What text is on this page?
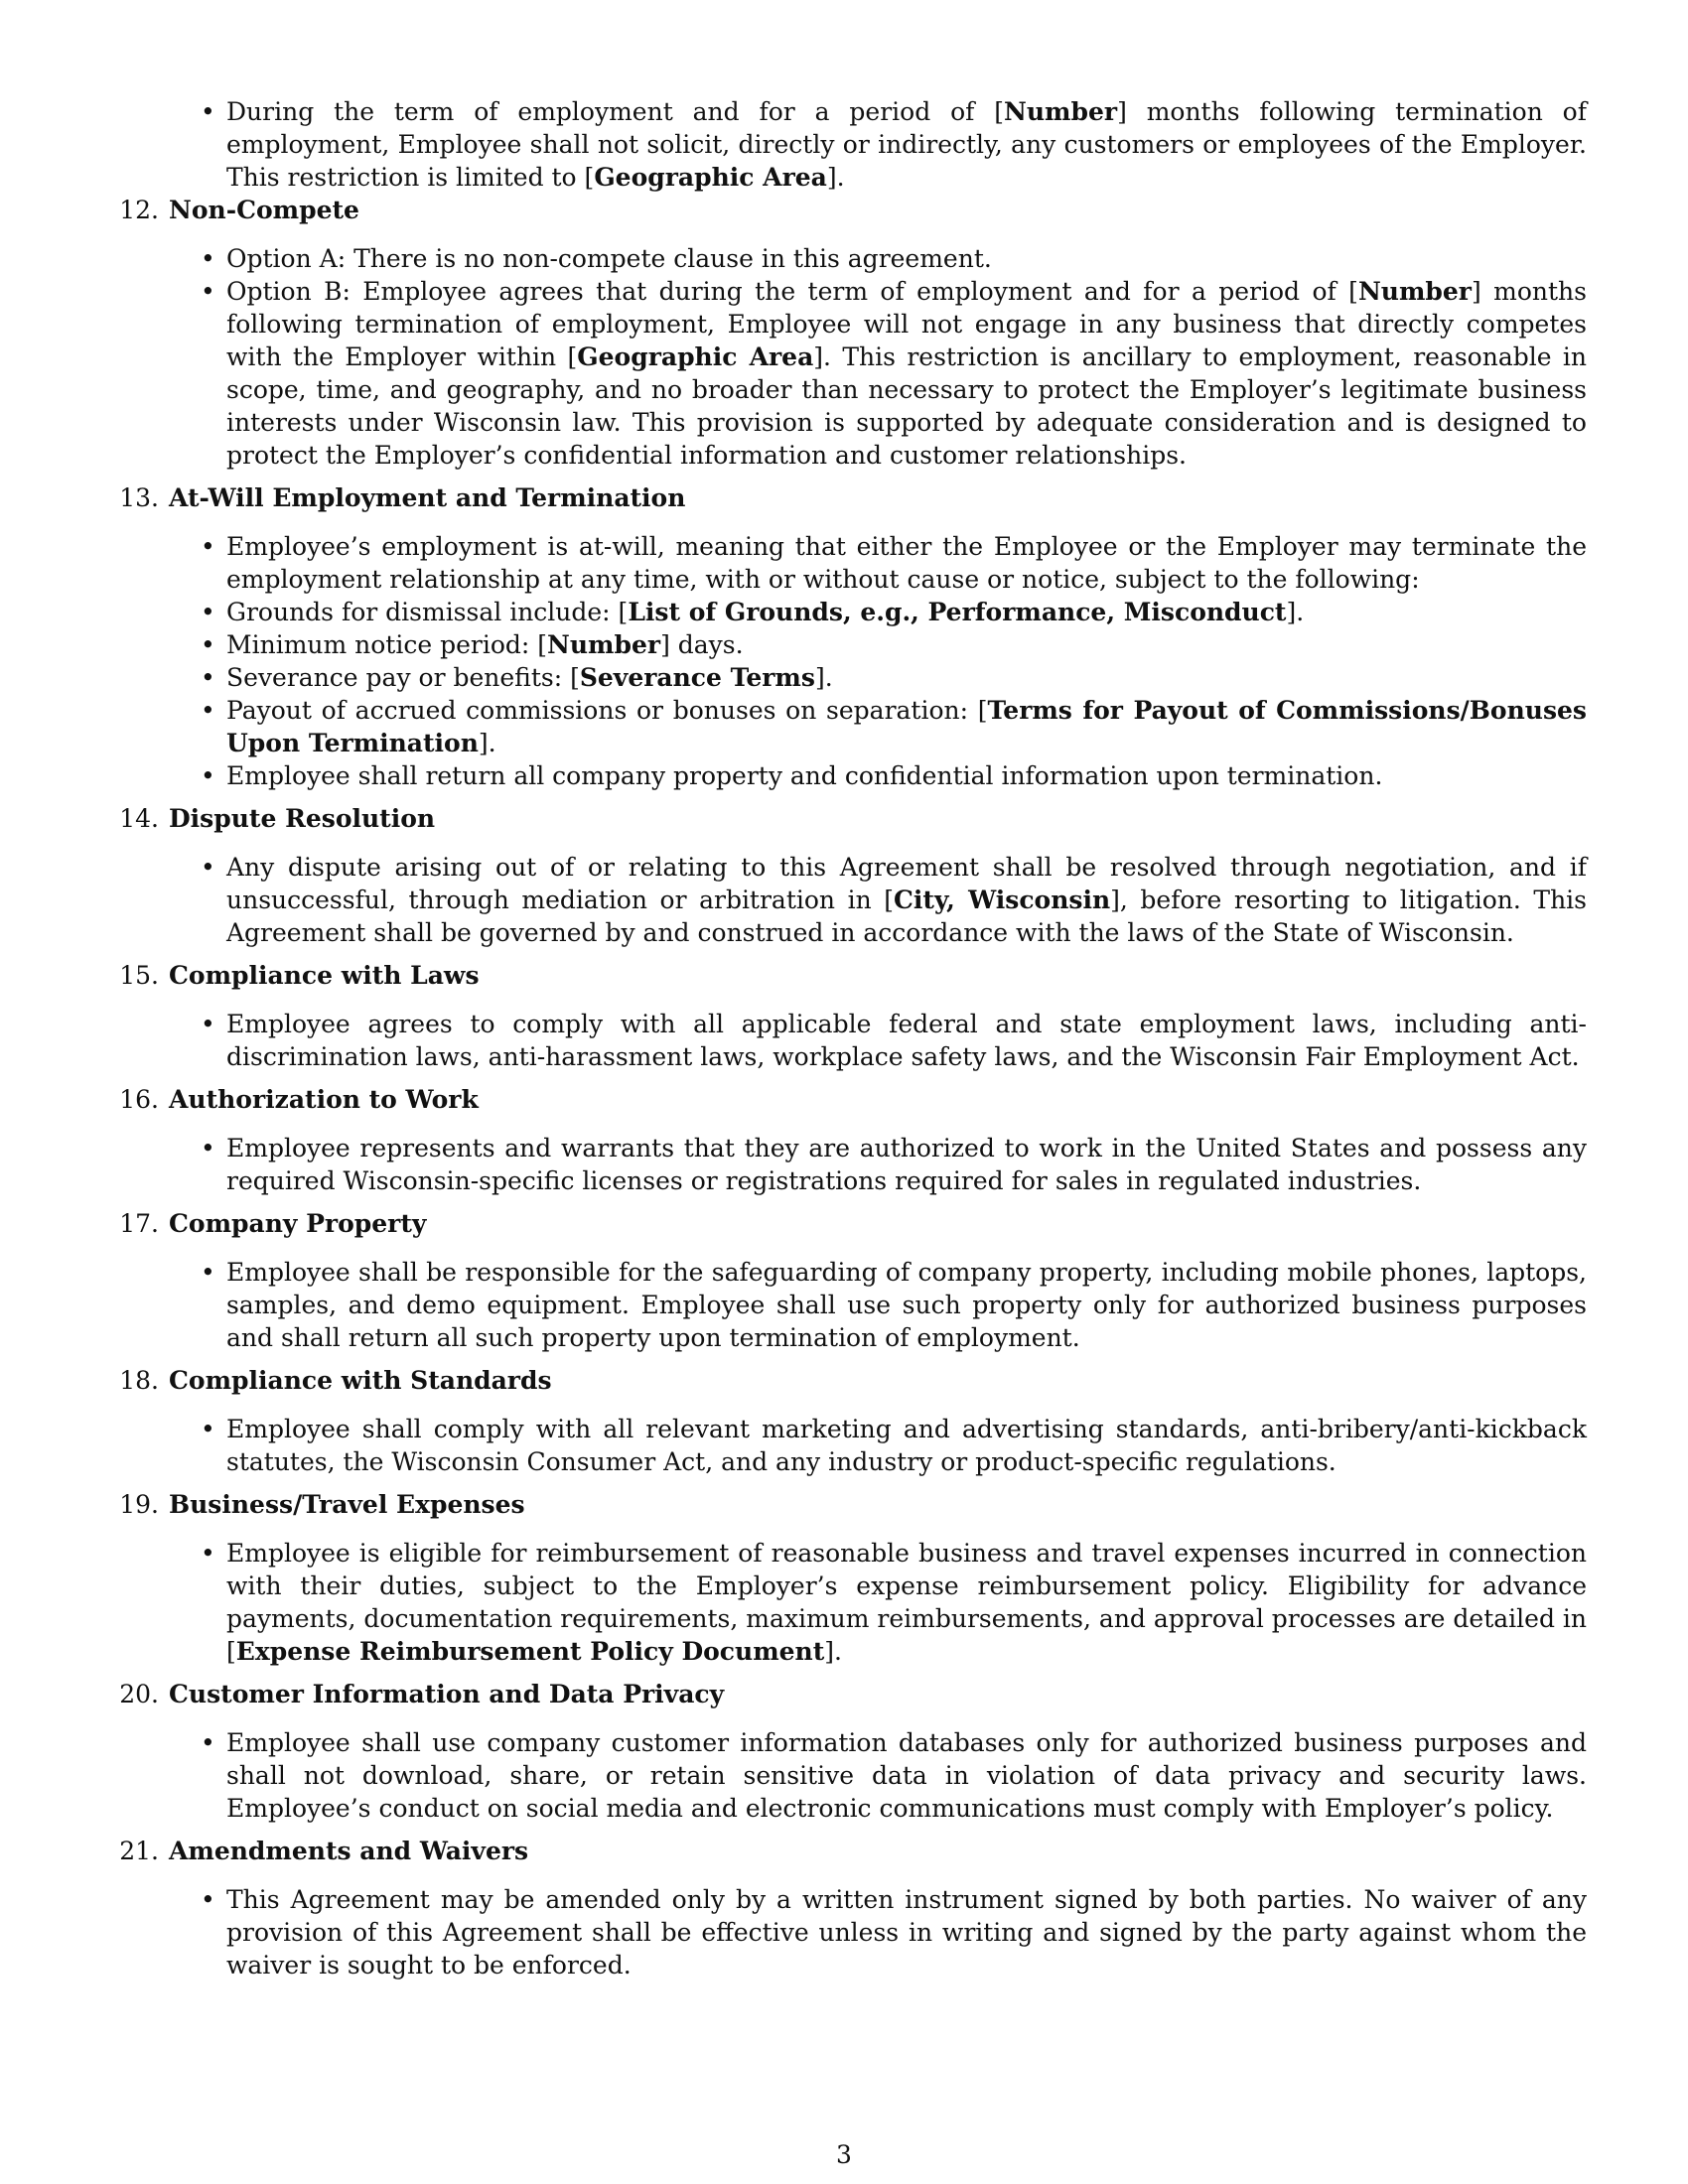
• During the term of employment and for a period of [Number] months following termination of employment, Employee shall not solicit, directly or indirectly, any customers or employees of the Employer. This restriction is limited to [Geographic Area].
12 . Non-Compete
• Option A: There is no non-compete clause in this agreement.
• Option B: Employee agrees that during the term of employment and for a period of [Number] months following termination of employment, Employee will not engage in any business that directly competes with the Employer within [Geographic Area]. This restriction is ancillary to employment, reasonable in scope, time, and geography, and no broader than necessary to protect the Employer’s legitimate business interests under Wisconsin law. This provision is supported by adequate consideration and is designed to protect the Employer’s confidential information and customer relationships.
13 . At-Will Employment and Termination
• Employee’s employment is at-will, meaning that either the Employee or the Employer may terminate the employment relationship at any time, with or without cause or notice, subject to the following:
• Grounds for dismissal include: [List of Grounds, e.g., Performance, Misconduct].
• Minimum notice period: [Number] days.
• Severance pay or benefits: [Severance Terms].
• Payout of accrued commissions or bonuses on separation: [Terms for Payout of Commissions/Bonuses Upon Termination].
• Employee shall return all company property and confidential information upon termination.
14 . Dispute Resolution
• Any dispute arising out of or relating to this Agreement shall be resolved through negotiation, and if unsuccessful, through mediation or arbitration in [City, Wisconsin], before resorting to litigation. This Agreement shall be governed by and construed in accordance with the laws of the State of Wisconsin.
15 . Compliance with Laws
• Employee agrees to comply with all applicable federal and state employment laws, including anti-discrimination laws, anti-harassment laws, workplace safety laws, and the Wisconsin Fair Employment Act.
16 . Authorization to Work
• Employee represents and warrants that they are authorized to work in the United States and possess any required Wisconsin-specific licenses or registrations required for sales in regulated industries.
17 . Company Property
• Employee shall be responsible for the safeguarding of company property, including mobile phones, laptops, samples, and demo equipment. Employee shall use such property only for authorized business purposes and shall return all such property upon termination of employment.
18 . Compliance with Standards
• Employee shall comply with all relevant marketing and advertising standards, anti-bribery/anti-kickback statutes, the Wisconsin Consumer Act, and any industry or product-specific regulations.
19 . Business/Travel Expenses
• Employee is eligible for reimbursement of reasonable business and travel expenses incurred in connection with their duties, subject to the Employer’s expense reimbursement policy. Eligibility for advance payments, documentation requirements, maximum reimbursements, and approval processes are detailed in [Expense Reimbursement Policy Document].
20 . Customer Information and Data Privacy
• Employee shall use company customer information databases only for authorized business purposes and shall not download, share, or retain sensitive data in violation of data privacy and security laws. Employee’s conduct on social media and electronic communications must comply with Employer’s policy.
21 . Amendments and Waivers
• This Agreement may be amended only by a written instrument signed by both parties. No waiver of any provision of this Agreement shall be effective unless in writing and signed by the party against whom the waiver is sought to be enforced.
3
